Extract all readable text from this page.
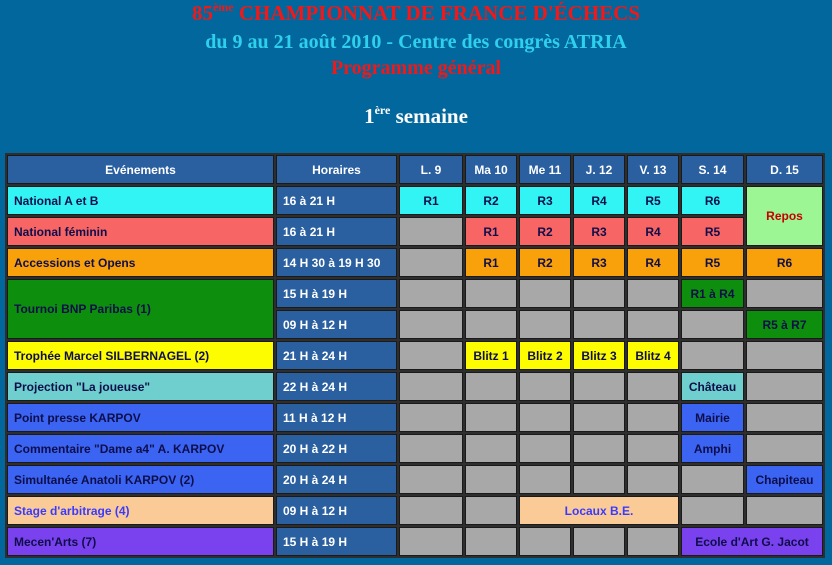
85ème CHAMPIONNAT DE FRANCE D'ÉCHECS
du 9 au 21 août 2010 - Centre des congrès ATRIA
Programme général
1ère semaine
Evénements	Horaires	L. 9	Ma 10	Me 11	J. 12	V. 13	S. 14	D. 15
National A et B	16 à 21 H	R1	R2	R3	R4	R5	R6	Repos
National féminin	16 à 21 H		R1	R2	R3	R4	R5	
Accessions et Opens	14 H 30 à 19 H 30		R1	R2	R3	R4	R5	R6
Tournoi BNP Paribas (1)	15 H à 19 H						R1 à R4	
	09 H à 12 H							R5 à R7
Trophée Marcel SILBERNAGEL (2)	21 H à 24 H		Blitz 1	Blitz 2	Blitz 3	Blitz 4		
Projection "La joueuse"	22 H à 24 H						Château	
Point presse KARPOV	11 H à 12 H						Mairie	
Commentaire "Dame a4" A. KARPOV	20 H à 22 H						Amphi	
Simultanée Anatoli KARPOV (2)	20 H à 24 H							Chapiteau
Stage d'arbitrage (4)	09 H à 12 H			Locaux B.E.				
Mecen'Arts (7)	15 H à 19 H						Ecole d'Art G. Jacot	
